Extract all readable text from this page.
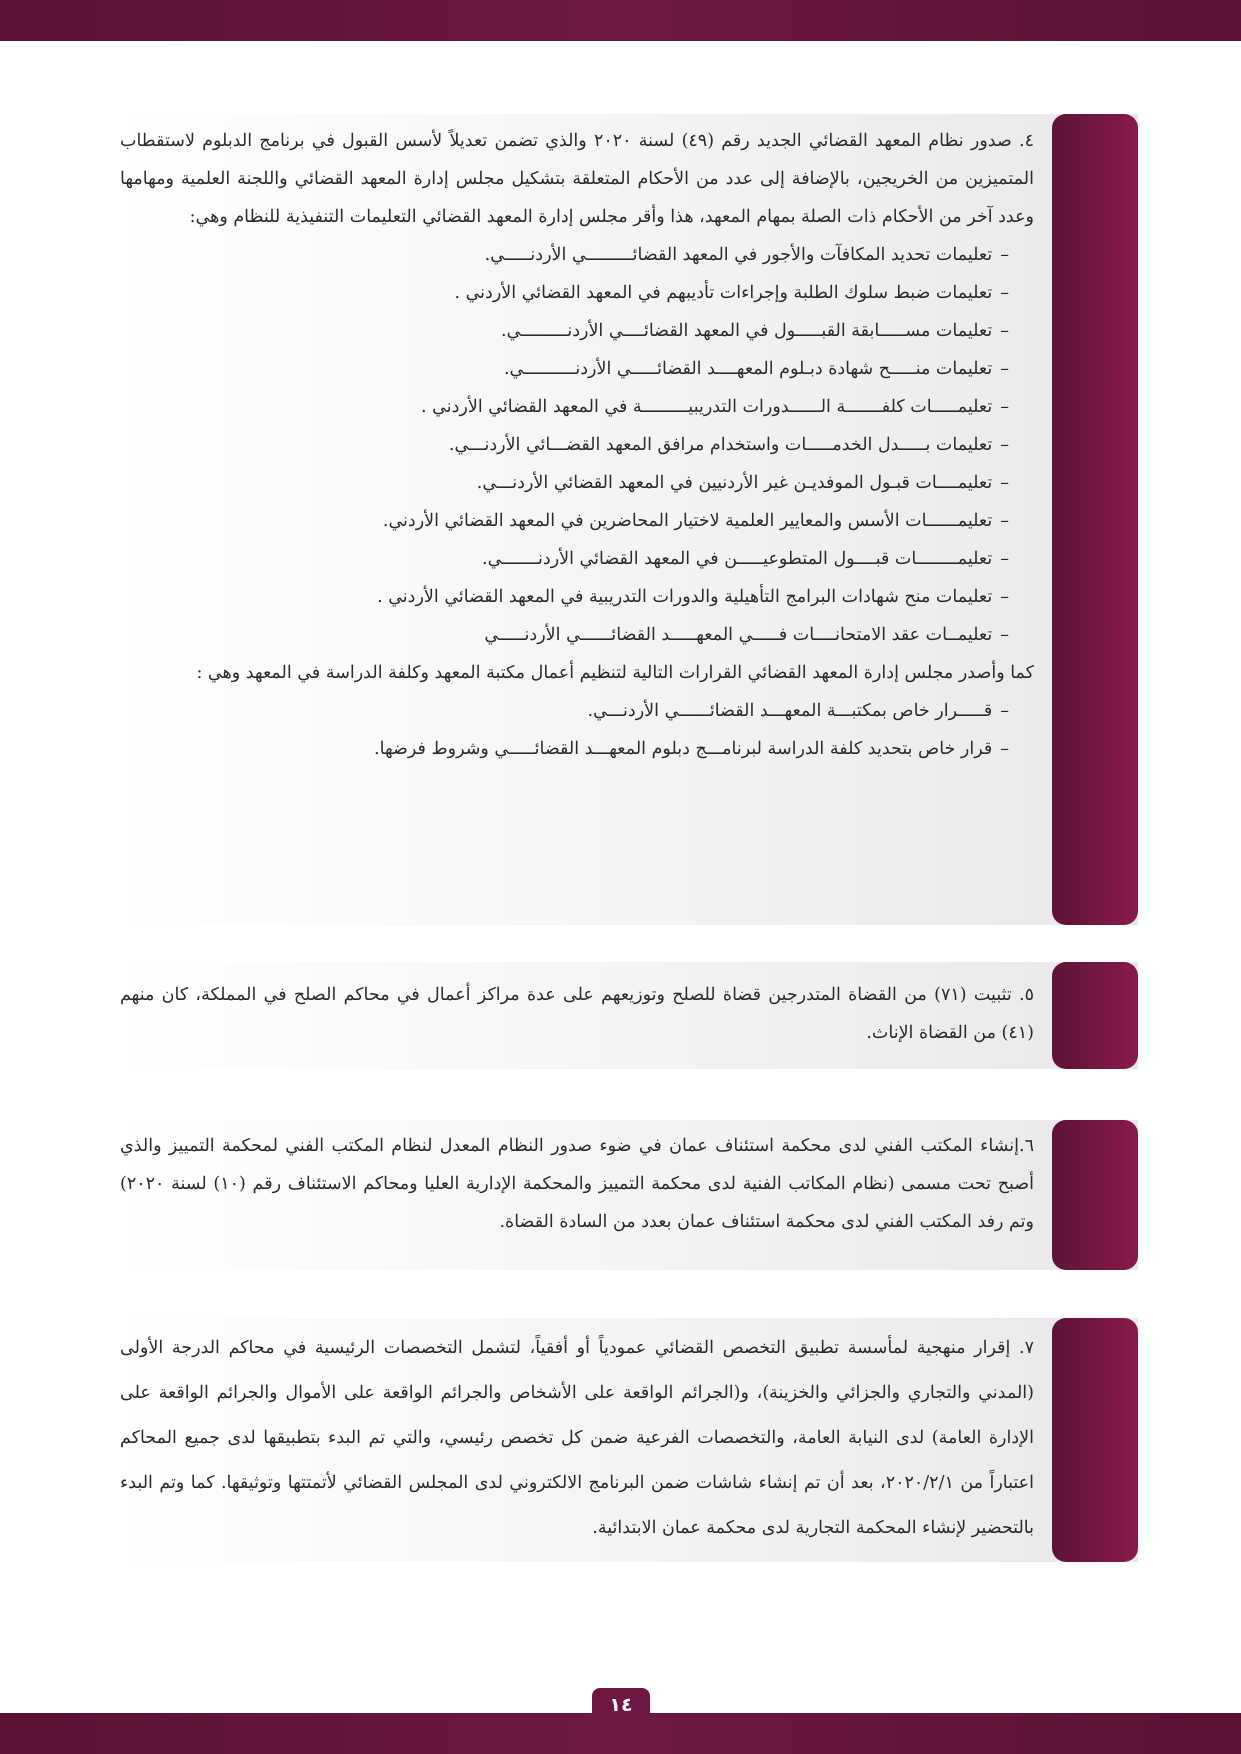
٤. صدور نظام المعهد القضائي الجديد رقم (٤٩) لسنة ٢٠٢٠ والذي تضمن تعديلاً لأسس القبول في برنامج الدبلوم لاستقطاب المتميزين من الخريجين، بالإضافة إلى عدد من الأحكام المتعلقة بتشكيل مجلس إدارة المعهد القضائي واللجنة العلمية ومهامها وعدد آخر من الأحكام ذات الصلة بمهام المعهد، هذا وأقر مجلس إدارة المعهد القضائي التعليمات التنفيذية للنظام وهي:

–تعليمات تحديد المكافآت والأجور في المعهد القضائـــــــــي الأردنـــــي.
–تعليمات ضبط سلوك الطلبة وإجراءات تأديبهم في المعهد القضائي الأردني .
–تعليمات مســـــابقة القبـــــول في المعهد القضائــــي الأردنـــــــــي.
–تعليمات منـــــح شهادة دبـلوم المعهــــد القضائـــــي الأردنــــــــــي.
–تعليمـــــات كلفـــــــة الــــــدورات التدريبيـــــــــة في المعهد القضائي الأردني .
–تعليمات بـــــدل الخدمـــــات واستخدام مرافق المعهد القضـــائي الأردنـــي.
–تعليمــــات قبـول الموفديـن غير الأردنيين في المعهد القضائي الأردنـــي.
–تعليمــــــات الأسس والمعايير العلمية لاختيار المحاضرين في المعهد القضائي الأردني.
–تعليمــــــــات قبــــول المتطوعيـــــن في المعهد القضائي الأردنـــــــي.
–تعليمات منح شهادات البرامج التأهيلية والدورات التدريبية في المعهد القضائي الأردني .
–تعليمــات عقد الامتحانــــات فـــــي المعهـــــد القضائــــــي الأردنـــــي

كما وأصدر مجلس إدارة المعهد القضائي القرارات التالية لتنظيم أعمال مكتبة المعهد وكلفة الدراسة في المعهد وهي :

–قـــــرار خاص بمكتبـــة المعهـــد القضائــــــي الأردنـــي.
–قرار خاص بتحديد كلفة الدراسة لبرنامـــج دبلوم المعهـــد القضائـــــي وشروط فرضها.

٥. تثبيت (٧١) من القضاة المتدرجين قضاة للصلح وتوزيعهم على عدة مراكز أعمال في محاكم الصلح في المملكة، كان منهم (٤١) من القضاة الإناث.

٦.إنشاء المكتب الفني لدى محكمة استئناف عمان في ضوء صدور النظام المعدل لنظام المكتب الفني لمحكمة التمييز والذي أصبح تحت مسمى (نظام المكاتب الفنية لدى محكمة التمييز والمحكمة الإدارية العليا ومحاكم الاستئناف رقم (١٠) لسنة ٢٠٢٠) وتم رفد المكتب الفني لدى محكمة استئناف عمان بعدد من السادة القضاة.

٧. إقرار منهجية لمأسسة تطبيق التخصص القضائي عمودياً أو أفقياً، لتشمل التخصصات الرئيسية في محاكم الدرجة الأولى (المدني والتجاري والجزائي والخزينة)، و(الجرائم الواقعة على الأشخاص والجرائم الواقعة على الأموال والجرائم الواقعة على الإدارة العامة) لدى النيابة العامة، والتخصصات الفرعية ضمن كل تخصص رئيسي، والتي تم البدء بتطبيقها لدى جميع المحاكم اعتباراً من ٢٠٢٠/٢/١، بعد أن تم إنشاء شاشات ضمن البرنامج الالكتروني لدى المجلس القضائي لأتمتتها وتوثيقها. كما وتم البدء بالتحضير لإنشاء المحكمة التجارية لدى محكمة عمان الابتدائية.

١٤
